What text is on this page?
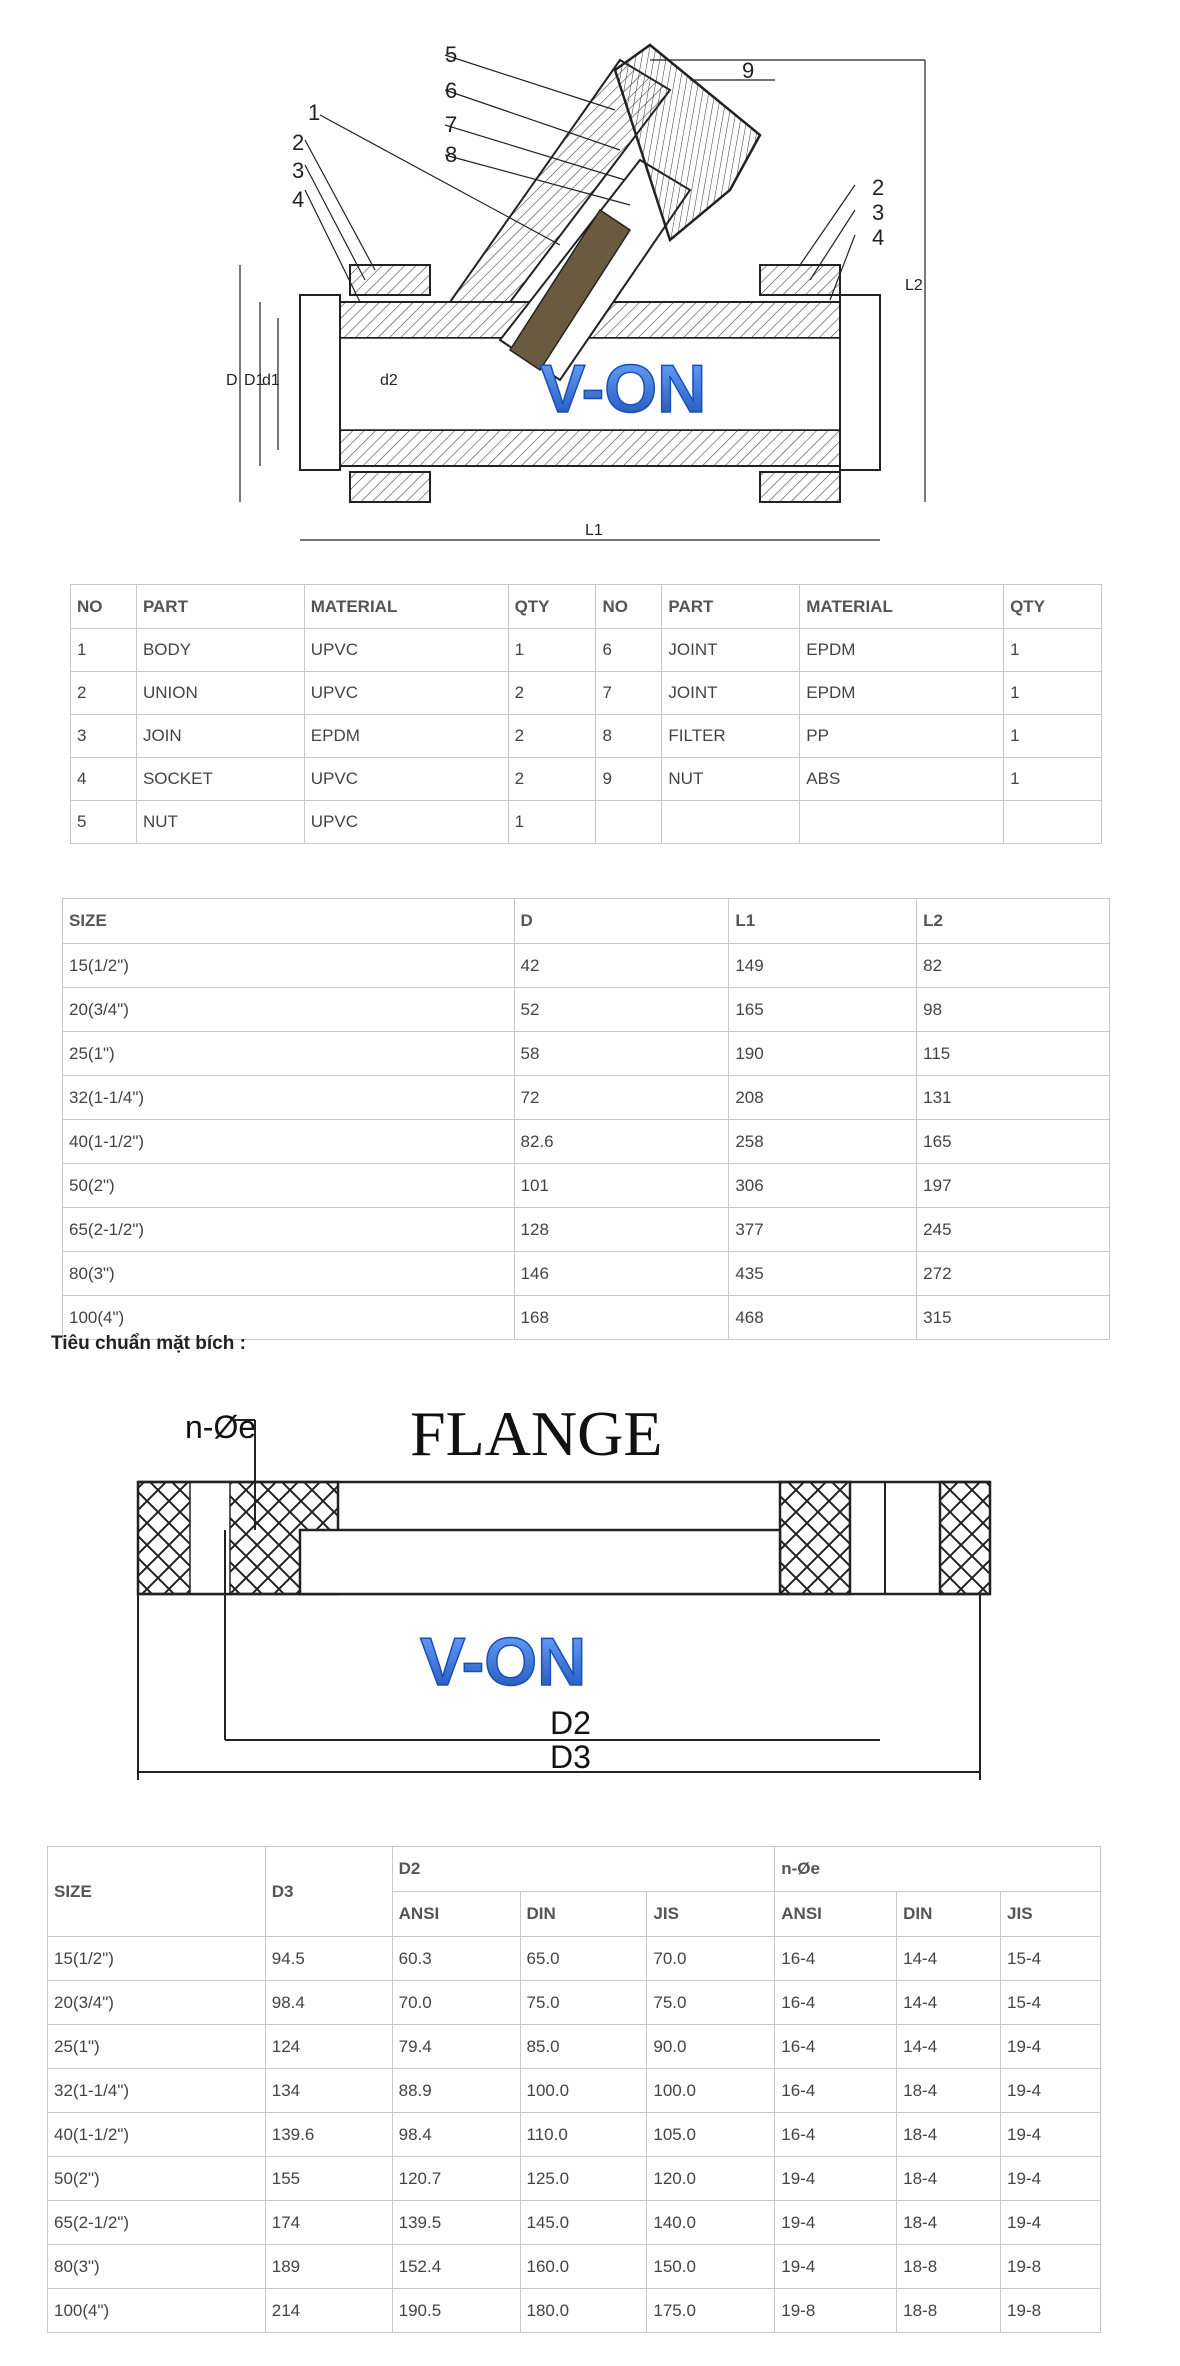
1
2
3
4
5
6
7
8
9
2
3
4
D D1
d1	d2
L1
L2
V-ON
NO	PART	MATERIAL	QTY	NO	PART	MATERIAL	QTY
1	BODY	UPVC	1	6	JOINT	EPDM	1
2	UNION	UPVC	2	7	JOINT	EPDM	1
3	JOIN	EPDM	2	8	FILTER	PP	1
4	SOCKET	UPVC	2	9	NUT	ABS	1
5	NUT	UPVC	1				
SIZE	D	L1	L2
15(1/2")	42	149	82
20(3/4")	52	165	98
25(1")	58	190	115
32(1-1/4")	72	208	131
40(1-1/2")	82.6	258	165
50(2")	101	306	197
65(2-1/2")	128	377	245
80(3")	146	435	272
100(4")	168	468	315
Tiêu chuẩn mặt bích :
FLANGE
n-Øe
D2
D3
V-ON
SIZE	D3	D2			n-Øe		
		ANSI	DIN	JIS	ANSI	DIN	JIS
15(1/2")	94.5	60.3	65.0	70.0	16-4	14-4	15-4
20(3/4")	98.4	70.0	75.0	75.0	16-4	14-4	15-4
25(1")	124	79.4	85.0	90.0	16-4	14-4	19-4
32(1-1/4")	134	88.9	100.0	100.0	16-4	18-4	19-4
40(1-1/2")	139.6	98.4	110.0	105.0	16-4	18-4	19-4
50(2")	155	120.7	125.0	120.0	19-4	18-4	19-4
65(2-1/2")	174	139.5	145.0	140.0	19-4	18-4	19-4
80(3")	189	152.4	160.0	150.0	19-4	18-8	19-8
100(4")	214	190.5	180.0	175.0	19-8	18-8	19-8
